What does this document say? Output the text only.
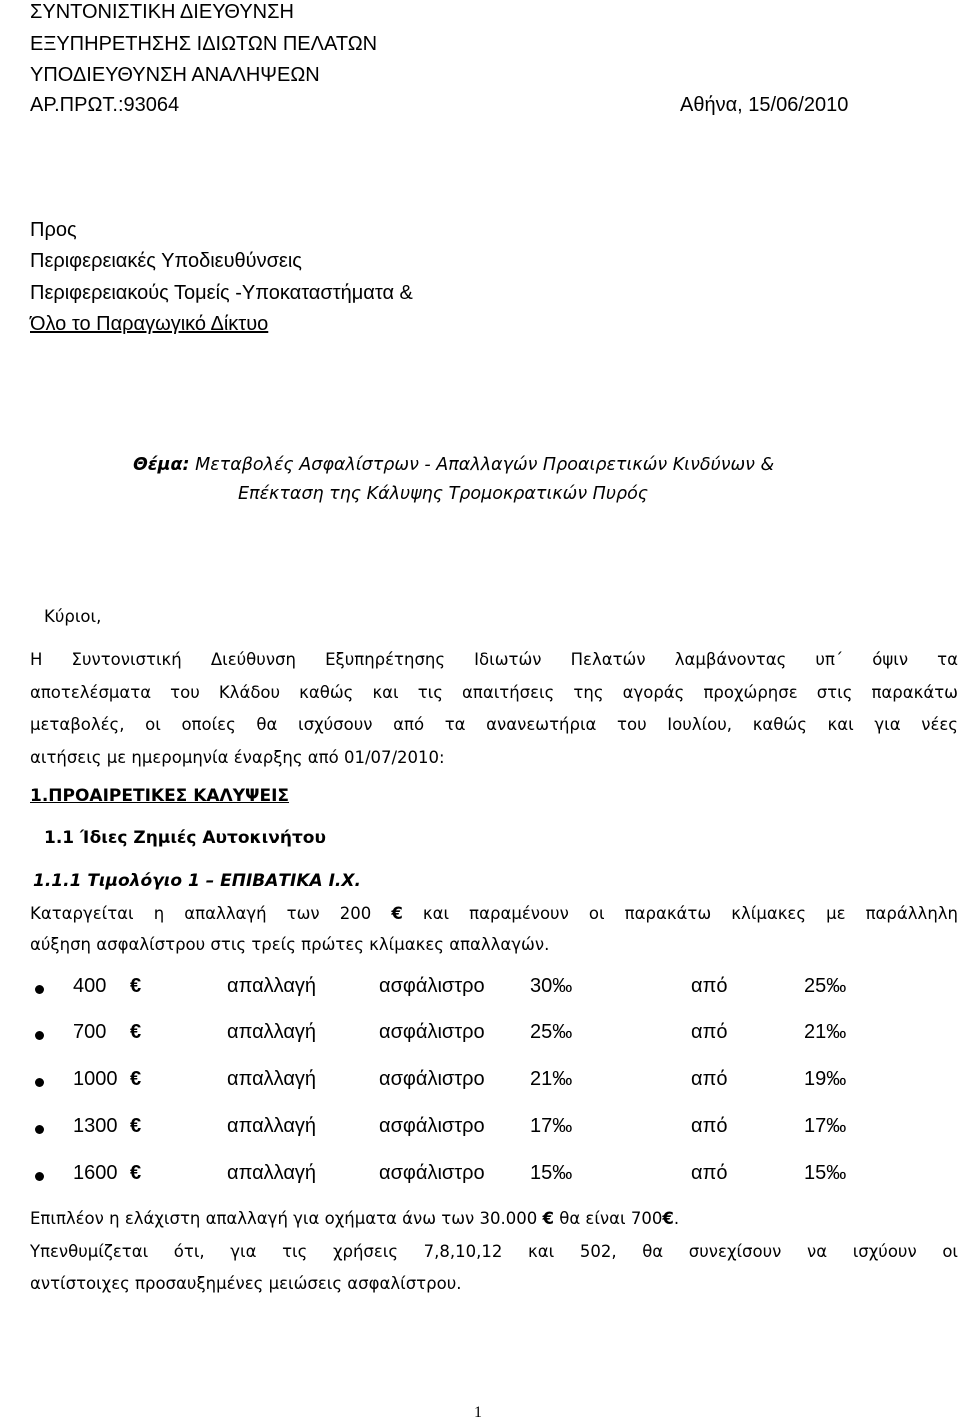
ΣΥΝΤΟΝΙΣΤΙΚΗ ΔΙΕΥΘΥΝΣΗ
ΕΞΥΠΗΡΕΤΗΣΗΣ ΙΔΙΩΤΩΝ ΠΕΛΑΤΩΝ
ΥΠΟΔΙΕΥΘΥΝΣΗ ΑΝΑΛΗΨΕΩΝ
ΑΡ.ΠΡΩΤ.:93064	Αθήνα, 15/06/2010
Προς
Περιφερειακές Υποδιευθύνσεις
Περιφερειακούς Τομείς -Υποκαταστήματα &
Όλο το Παραγωγικό Δίκτυο
Θέμα: Μεταβολές Ασφαλίστρων - Απαλλαγών Προαιρετικών Κινδύνων &
Επέκταση της Κάλυψης Τρομοκρατικών Πυρός
Κύριοι,
Η Συντονιστική Διεύθυνση Εξυπηρέτησης Ιδιωτών Πελατών λαμβάνοντας υπ΄ όψιν τα
αποτελέσματα του Κλάδου καθώς και τις απαιτήσεις της αγοράς προχώρησε στις παρακάτω
μεταβολές, οι οποίες θα ισχύσουν από τα ανανεωτήρια του Ιουλίου, καθώς και για νέες
αιτήσεις με ημερομηνία έναρξης από 01/07/2010:
1.ΠΡΟΑΙΡΕΤΙΚΕΣ ΚΑΛΥΨΕΙΣ
1.1 Ίδιες Ζημιές Αυτοκινήτου
1.1.1 Τιμολόγιο 1 – ΕΠΙΒΑΤΙΚΑ Ι.Χ.
Καταργείται η απαλλαγή των 200 € και παραμένουν οι παρακάτω κλίμακες με παράλληλη
αύξηση ασφαλίστρου στις τρείς πρώτες κλίμακες απαλλαγών.
400 €	απαλλαγή	ασφάλιστρο 30‰	από	25‰
700 €	απαλλαγή	ασφάλιστρο 25‰	από	21‰
1000 €	απαλλαγή	ασφάλιστρο 21‰	από	19‰
1300 €	απαλλαγή	ασφάλιστρο 17‰	από	17‰
1600 €	απαλλαγή	ασφάλιστρο 15‰	από	15‰
Επιπλέον η ελάχιστη απαλλαγή για οχήματα άνω των 30.000 € θα είναι 700€.
Υπενθυμίζεται ότι, για τις χρήσεις 7,8,10,12 και 502, θα συνεχίσουν να ισχύουν οι
αντίστοιχες προσαυξημένες μειώσεις ασφαλίστρου.
1
